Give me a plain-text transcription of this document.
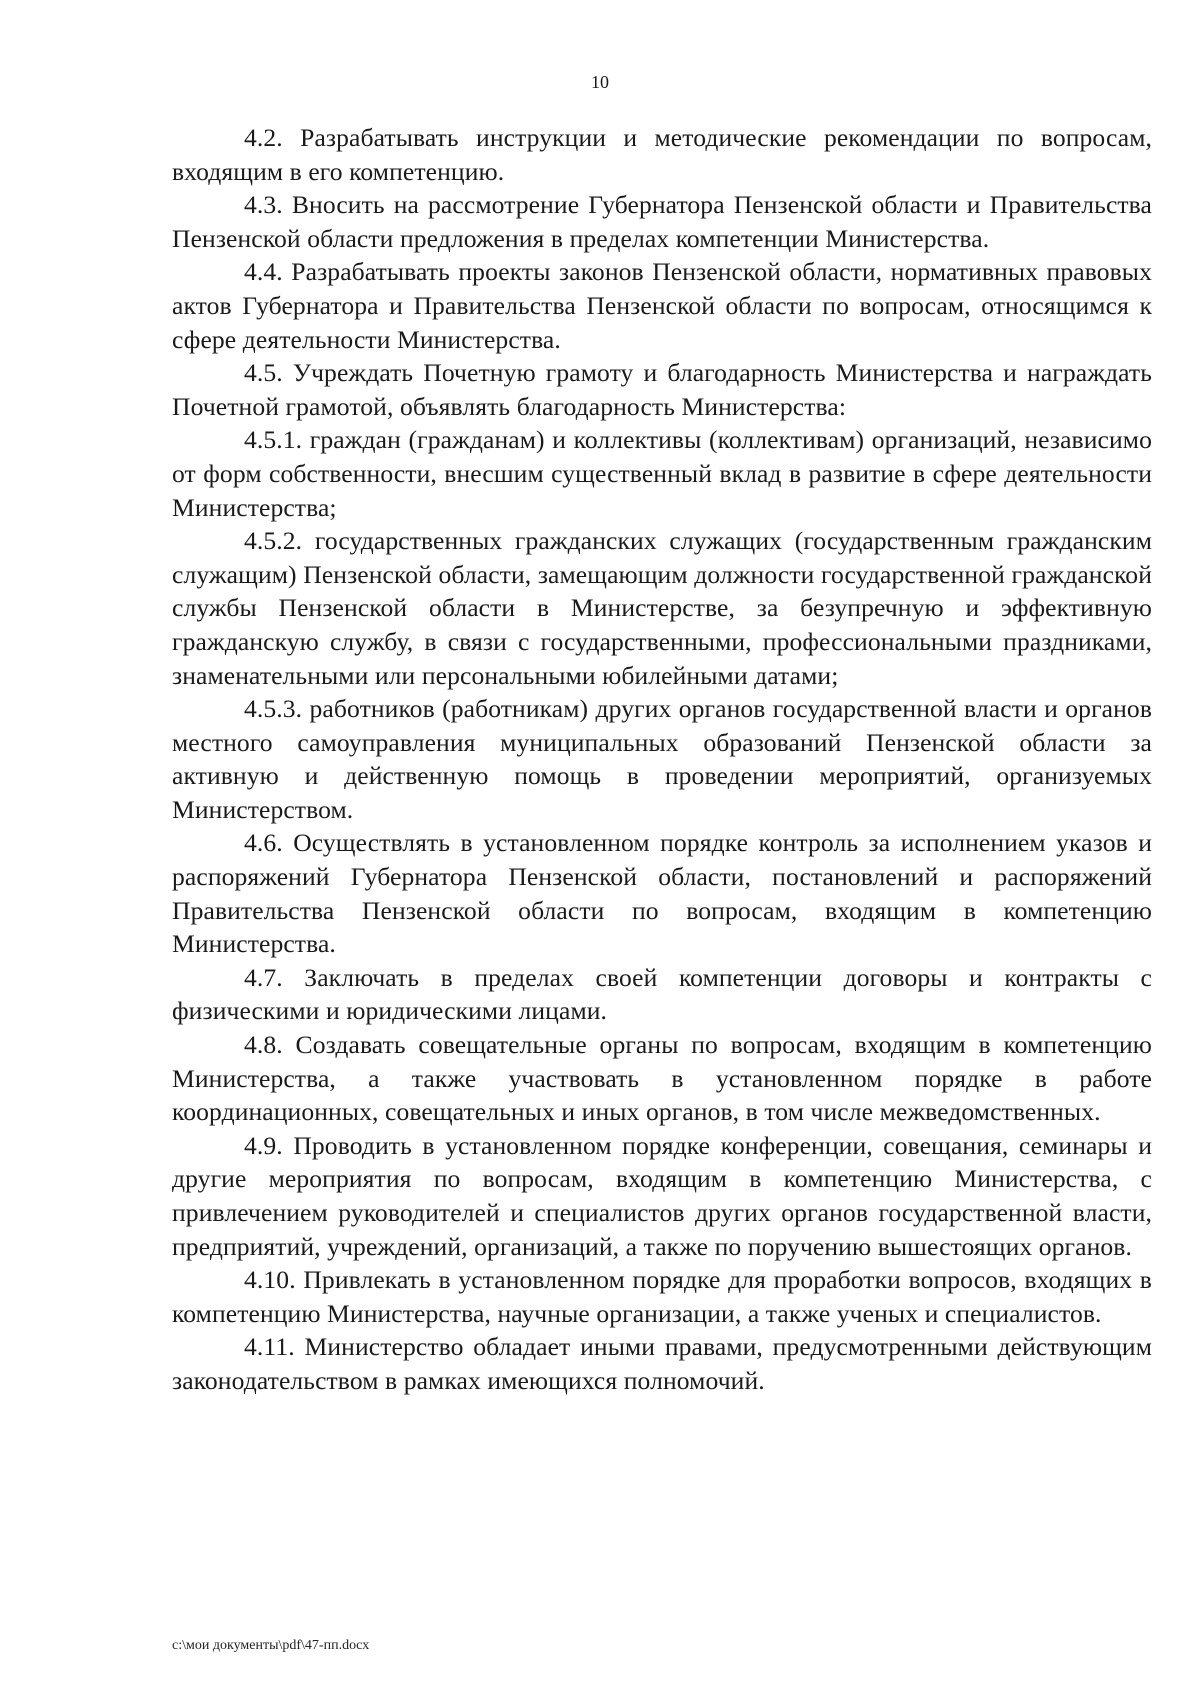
10

4.2. Разрабатывать инструкции и методические рекомендации по вопросам, входящим в его компетенцию.

4.3. Вносить на рассмотрение Губернатора Пензенской области и Правительства Пензенской области предложения в пределах компетенции Министерства.

4.4. Разрабатывать проекты законов Пензенской области, нормативных правовых актов Губернатора и Правительства Пензенской области по вопросам, относящимся к сфере деятельности Министерства.

4.5. Учреждать Почетную грамоту и благодарность Министерства и награждать Почетной грамотой, объявлять благодарность Министерства:

4.5.1. граждан (гражданам) и коллективы (коллективам) организаций, независимо от форм собственности, внесшим существенный вклад в развитие в сфере деятельности Министерства;

4.5.2. государственных гражданских служащих (государственным гражданским служащим) Пензенской области, замещающим должности государственной гражданской службы Пензенской области в Министерстве, за безупречную и эффективную гражданскую службу, в связи с государственными, профессиональными праздниками, знаменательными или персональными юбилейными датами;

4.5.3. работников (работникам) других органов государственной власти и органов местного самоуправления муниципальных образований Пензенской области за активную и действенную помощь в проведении мероприятий, организуемых Министерством.

4.6. Осуществлять в установленном порядке контроль за исполнением указов и распоряжений Губернатора Пензенской области, постановлений и распоряжений Правительства Пензенской области по вопросам, входящим в компетенцию Министерства.

4.7. Заключать в пределах своей компетенции договоры и контракты с физическими и юридическими лицами.

4.8. Создавать совещательные органы по вопросам, входящим в компетенцию Министерства, а также участвовать в установленном порядке в работе координационных, совещательных и иных органов, в том числе межведомственных.

4.9. Проводить в установленном порядке конференции, совещания, семинары и другие мероприятия по вопросам, входящим в компетенцию Министерства, с привлечением руководителей и специалистов других органов государственной власти, предприятий, учреждений, организаций, а также по поручению вышестоящих органов.

4.10. Привлекать в установленном порядке для проработки вопросов, входящих в компетенцию Министерства, научные организации, а также ученых и специалистов.

4.11. Министерство обладает иными правами, предусмотренными действующим законодательством в рамках имеющихся полномочий.

c:\мои документы\pdf\47-пп.docx
